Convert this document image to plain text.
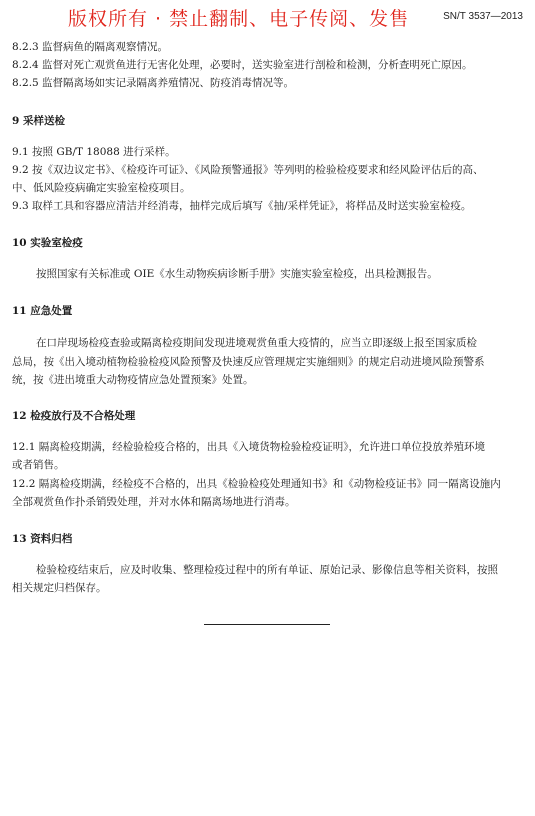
版权所有 · 禁止翻制、电子传阅、发售	SN/T 3537—2013
8.2.3 监督病鱼的隔离观察情况。
8.2.4 监督对死亡观赏鱼进行无害化处理，必要时，送实验室进行剖检和检测，分析查明死亡原因。
8.2.5 监督隔离场如实记录隔离养殖情况、防疫消毒情况等。
9 采样送检
9.1 按照 GB/T 18088 进行采样。
9.2 按《双边议定书》、《检疫许可证》、《风险预警通报》等列明的检验检疫要求和经风险评估后的高、
中、低风险疫病确定实验室检疫项目。
9.3 取样工具和容器应清洁并经消毒，抽样完成后填写《抽/采样凭证》，将样品及时送实验室检疫。
10 实验室检疫
按照国家有关标准或 OIE《水生动物疾病诊断手册》实施实验室检疫，出具检测报告。
11 应急处置
在口岸现场检疫查验或隔离检疫期间发现进境观赏鱼重大疫情的，应当立即逐级上报至国家质检
总局，按《出入境动植物检验检疫风险预警及快速反应管理规定实施细则》的规定启动进境风险预警系
统，按《进出境重大动物疫情应急处置预案》处置。
12 检疫放行及不合格处理
12.1 隔离检疫期满，经检验检疫合格的，出具《入境货物检验检疫证明》，允许进口单位投放养殖环境
或者销售。
12.2 隔离检疫期满，经检疫不合格的，出具《检验检疫处理通知书》和《动物检疫证书》同一隔离设施内
全部观赏鱼作扑杀销毁处理，并对水体和隔离场地进行消毒。
13 资料归档
检验检疫结束后，应及时收集、整理检疫过程中的所有单证、原始记录、影像信息等相关资料，按照
相关规定归档保存。
